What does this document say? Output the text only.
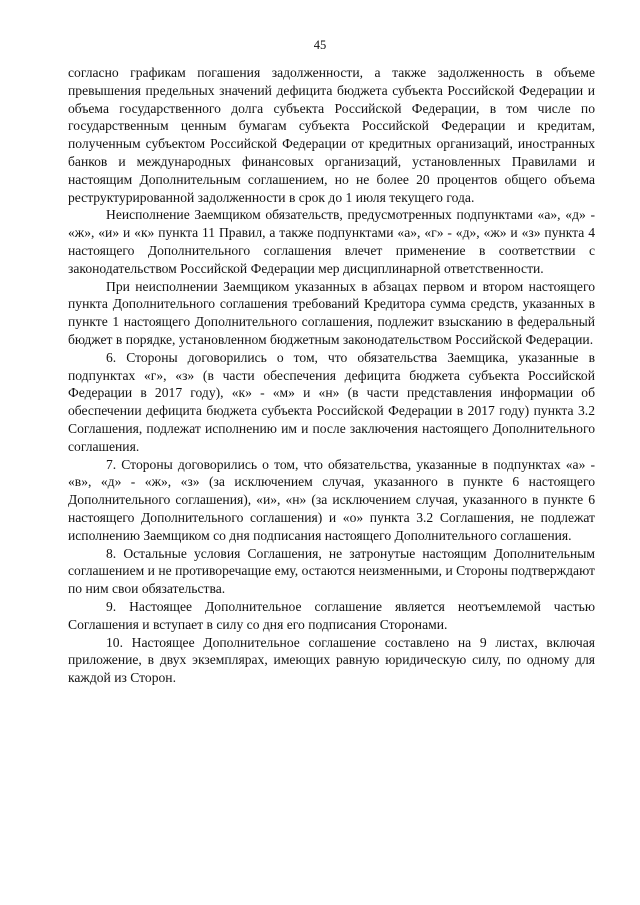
45

согласно графикам погашения задолженности, а также задолженность в объеме превышения предельных значений дефицита бюджета субъекта Российской Федерации и объема государственного долга субъекта Российской Федерации, в том числе по государственным ценным бумагам субъекта Российской Федерации и кредитам, полученным субъектом Российской Федерации от кредитных организаций, иностранных банков и международных финансовых организаций, установленных Правилами и настоящим Дополнительным соглашением, но не более 20 процентов общего объема реструктурированной задолженности в срок до 1 июля текущего года.

Неисполнение Заемщиком обязательств, предусмотренных подпунктами «а», «д» - «ж», «и» и «к» пункта 11 Правил, а также подпунктами «а», «г» - «д», «ж» и «з» пункта 4 настоящего Дополнительного соглашения влечет применение в соответствии с законодательством Российской Федерации мер дисциплинарной ответственности.

При неисполнении Заемщиком указанных в абзацах первом и втором настоящего пункта Дополнительного соглашения требований Кредитора сумма средств, указанных в пункте 1 настоящего Дополнительного соглашения, подлежит взысканию в федеральный бюджет в порядке, установленном бюджетным законодательством Российской Федерации.

6. Стороны договорились о том, что обязательства Заемщика, указанные в подпунктах «г», «з» (в части обеспечения дефицита бюджета субъекта Российской Федерации в 2017 году), «к» - «м» и «н» (в части представления информации об обеспечении дефицита бюджета субъекта Российской Федерации в 2017 году) пункта 3.2 Соглашения, подлежат исполнению им и после заключения настоящего Дополнительного соглашения.

7. Стороны договорились о том, что обязательства, указанные в подпунктах «а» - «в», «д» - «ж», «з» (за исключением случая, указанного в пункте 6 настоящего Дополнительного соглашения), «и», «н» (за исключением случая, указанного в пункте 6 настоящего Дополнительного соглашения) и «о» пункта 3.2 Соглашения, не подлежат исполнению Заемщиком со дня подписания настоящего Дополнительного соглашения.

8. Остальные условия Соглашения, не затронутые настоящим Дополнительным соглашением и не противоречащие ему, остаются неизменными, и Стороны подтверждают по ним свои обязательства.

9. Настоящее Дополнительное соглашение является неотъемлемой частью Соглашения и вступает в силу со дня его подписания Сторонами.

10. Настоящее Дополнительное соглашение составлено на 9 листах, включая приложение, в двух экземплярах, имеющих равную юридическую силу, по одному для каждой из Сторон.
